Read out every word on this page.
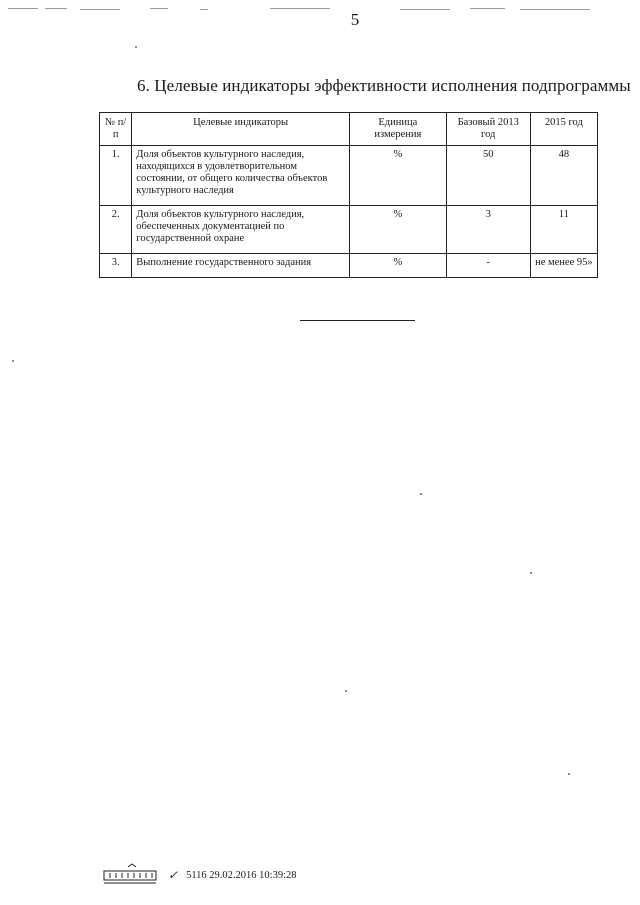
5
6. Целевые индикаторы эффективности исполнения подпрограммы
№ п/п	Целевые индикаторы	Единица измерения	Базовый 2013 год	2015 год
1.	Доля объектов культурного наследия, находящихся в удовлетворительном состоянии, от общего количества объектов культурного наследия	%	50	48
2.	Доля объектов культурного наследия, обеспеченных документацией по государственной охране	%	3	11
3.	Выполнение государственного задания	%	-	не менее 95»
✓ 5116 29.02.2016 10:39:28
